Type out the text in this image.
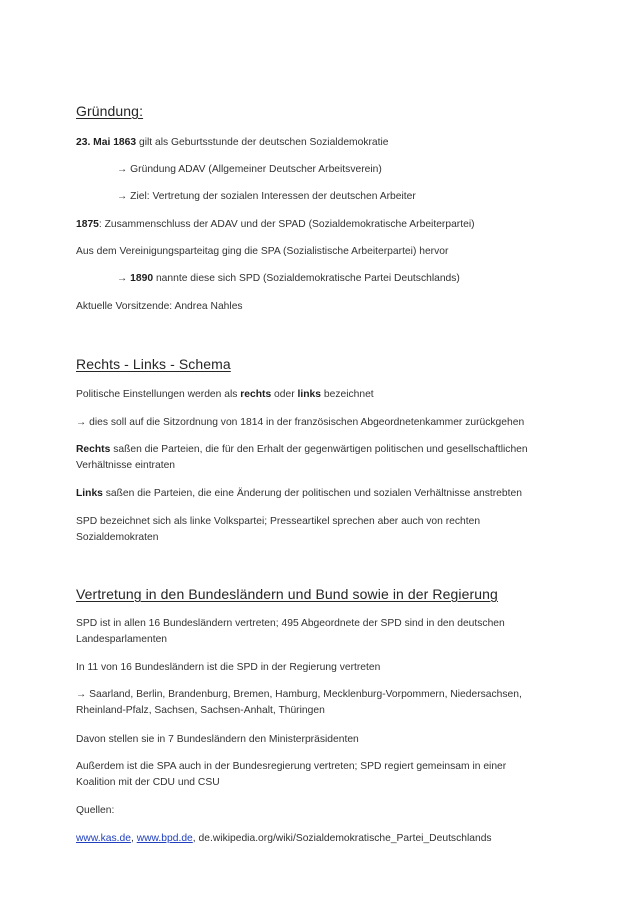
Gründung:
23. Mai 1863 gilt als Geburtsstunde der deutschen Sozialdemokratie
→ Gründung ADAV (Allgemeiner Deutscher Arbeitsverein)
→ Ziel: Vertretung der sozialen Interessen der deutschen Arbeiter
1875: Zusammenschluss der ADAV und der SPAD (Sozialdemokratische Arbeiterpartei)
Aus dem Vereinigungsparteitag ging die SPA (Sozialistische Arbeiterpartei) hervor
→ 1890 nannte diese sich SPD (Sozialdemokratische Partei Deutschlands)
Aktuelle Vorsitzende: Andrea Nahles
Rechts - Links - Schema
Politische Einstellungen werden als rechts oder links bezeichnet
→ dies soll auf die Sitzordnung von 1814 in der französischen Abgeordnetenkammer zurückgehen
Rechts saßen die Parteien, die für den Erhalt der gegenwärtigen politischen und gesellschaftlichen Verhältnisse eintraten
Links saßen die Parteien, die eine Änderung der politischen und sozialen Verhältnisse anstrebten
SPD bezeichnet sich als linke Volkspartei; Presseartikel sprechen aber auch von rechten Sozialdemokraten
Vertretung in den Bundesländern und Bund sowie in der Regierung
SPD ist in allen 16 Bundesländern vertreten; 495 Abgeordnete der SPD sind in den deutschen Landesparlamenten
In 11 von 16 Bundesländern ist die SPD in der Regierung vertreten
→ Saarland, Berlin, Brandenburg, Bremen, Hamburg, Mecklenburg-Vorpommern, Niedersachsen, Rheinland-Pfalz, Sachsen, Sachsen-Anhalt, Thüringen
Davon stellen sie in 7 Bundesländern den Ministerpräsidenten
Außerdem ist die SPA auch in der Bundesregierung vertreten; SPD regiert gemeinsam in einer Koalition mit der CDU und CSU
Quellen:
www.kas.de, www.bpd.de, de.wikipedia.org/wiki/Sozialdemokratische_Partei_Deutschlands
